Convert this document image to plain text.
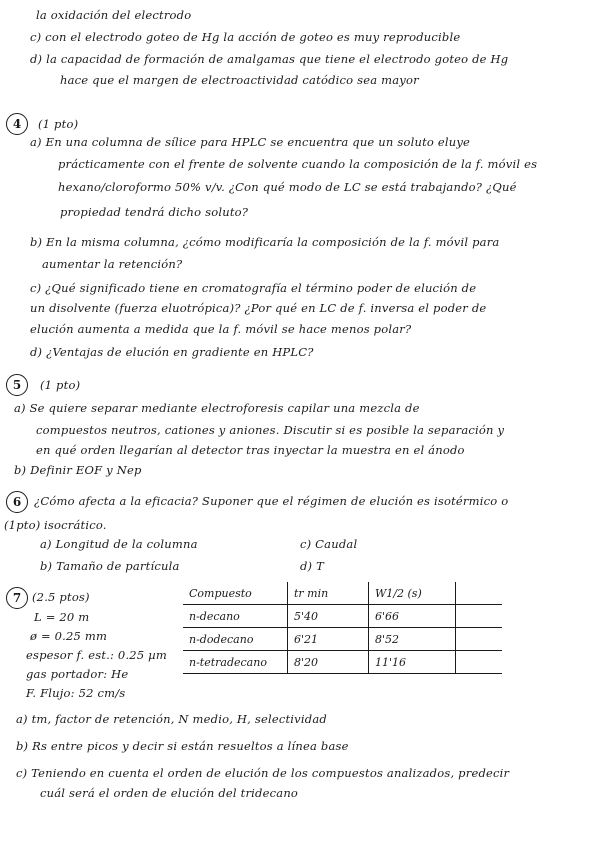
la oxidación del electrodo
c) con el electrodo goteo de Hg la acción de goteo es muy reproducible
d) la capacidad de formación de amalgamas que tiene el electrodo goteo de Hg
hace que el margen de electroactividad catódico sea mayor
4	(1 pto)
a) En una columna de sílice para HPLC se encuentra que un soluto eluye
prácticamente con el frente de solvente cuando la composición de la f. móvil es
hexano/cloroformo 50% v/v. ¿Con qué modo de LC se está trabajando? ¿Qué
propiedad tendrá dicho soluto?
b) En la misma columna, ¿cómo modificaría la composición de la f. móvil para
aumentar la retención?
c) ¿Qué significado tiene en cromatografía el término poder de elución de
un disolvente (fuerza eluotrópica)? ¿Por qué en LC de f. inversa el poder de
elución aumenta a medida que la f. móvil se hace menos polar?
d) ¿Ventajas de elución en gradiente en HPLC?
5	(1 pto)
a) Se quiere separar mediante electroforesis capilar una mezcla de
compuestos neutros, cationes y aniones. Discutir si es posible la separación y
en qué orden llegarían al detector tras inyectar la muestra en el ánodo
b) Definir EOF y Nep
6	¿Cómo afecta a la eficacia? Suponer que el régimen de elución es isotérmico o
(1pto) isocrático.
a) Longitud de la columna
b) Tamaño de partícula
c) Caudal
d) T
7 (2.5 ptos)
L = 20 m
ø = 0.25 mm
espesor f. est.: 0.25 µm
gas portador: He
F. Flujo: 52 cm/s
Compuesto	tr min	W1/2 (s)	
n-decano	5'40	6'66	
n-dodecano	6'21	8'52	
n-tetradecano	8'20	11'16	
a) tm, factor de retención, N medio, H, selectividad
b) Rs entre picos y decir si están resueltos a línea base
c) Teniendo en cuenta el orden de elución de los compuestos analizados, predecir
cuál será el orden de elución del tridecano
